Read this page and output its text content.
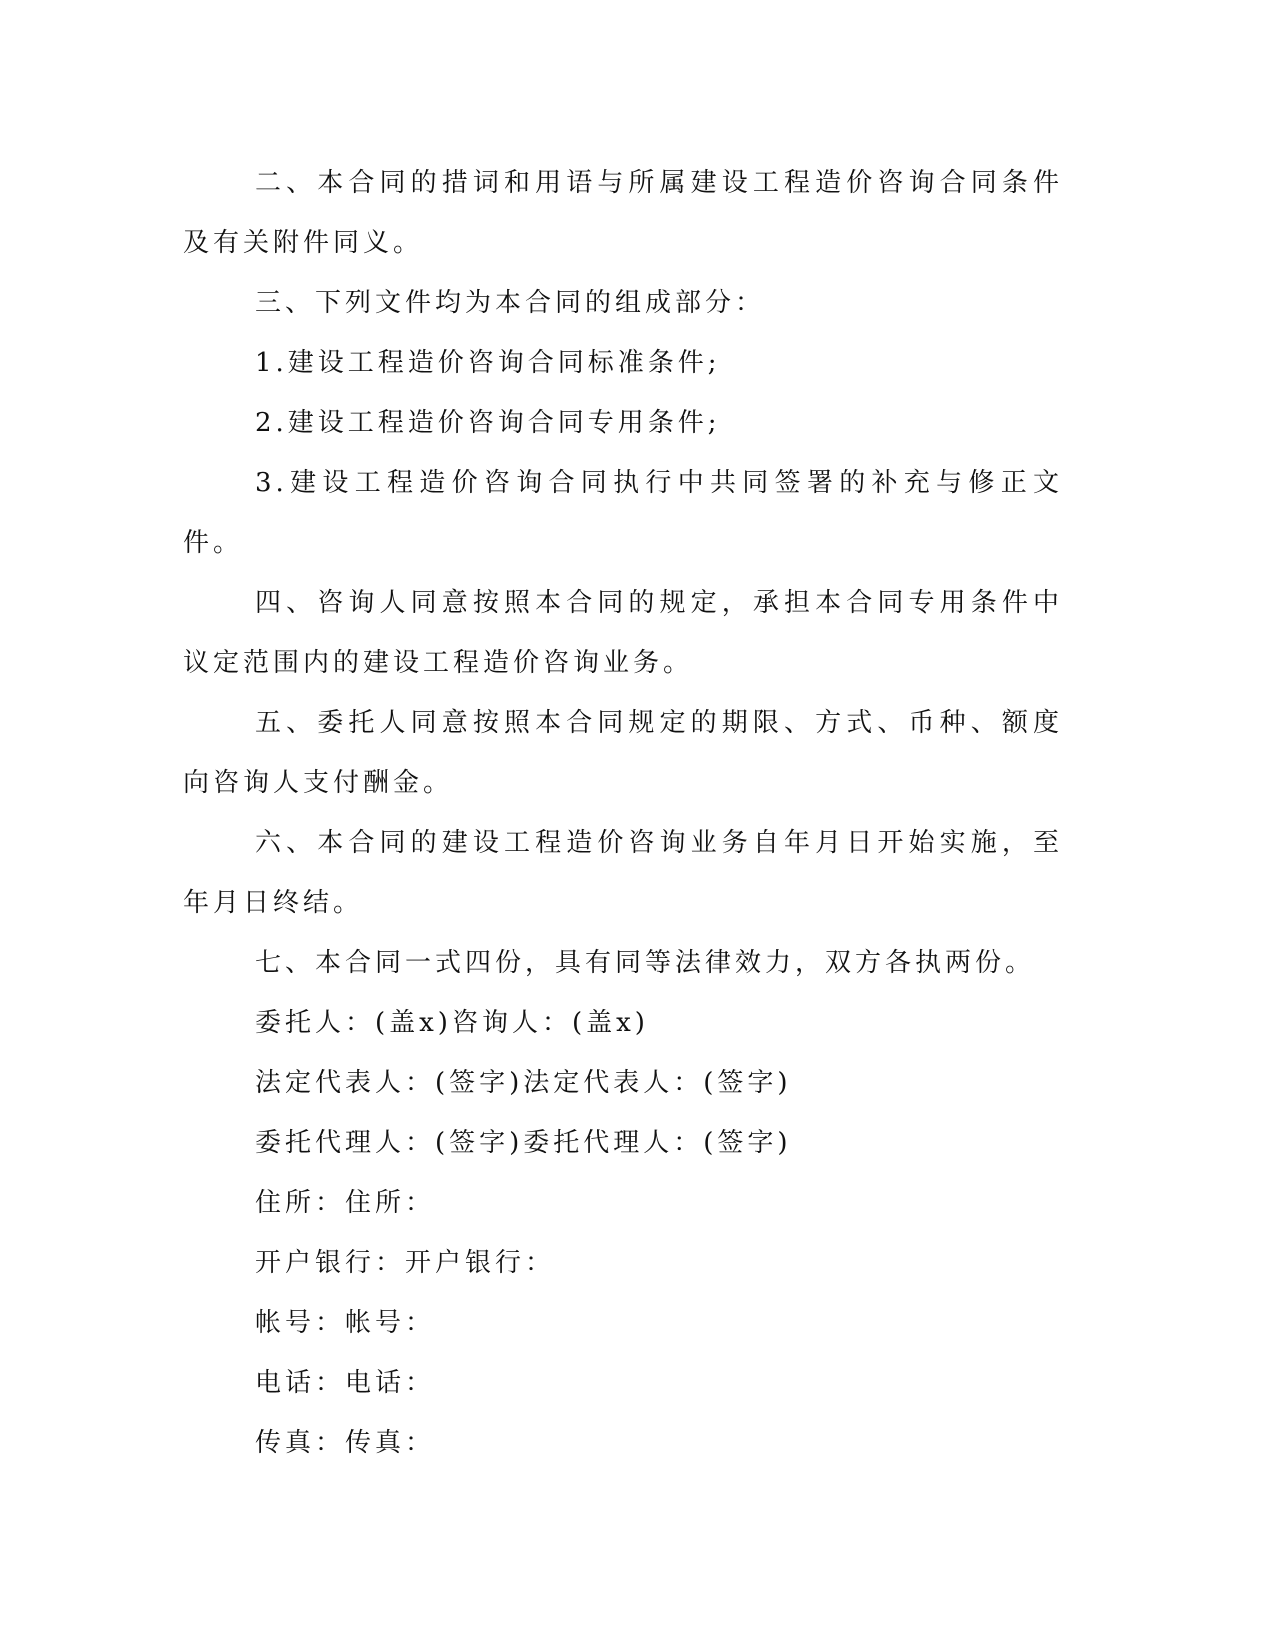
二、本合同的措词和用语与所属建设工程造价咨询合同条件及有关附件同义。

三、下列文件均为本合同的组成部分：

1.建设工程造价咨询合同标准条件;

2.建设工程造价咨询合同专用条件;

3.建设工程造价咨询合同执行中共同签署的补充与修正文件。

四、咨询人同意按照本合同的规定，承担本合同专用条件中议定范围内的建设工程造价咨询业务。

五、委托人同意按照本合同规定的期限、方式、币种、额度向咨询人支付酬金。

六、本合同的建设工程造价咨询业务自年月日开始实施，至年月日终结。

七、本合同一式四份，具有同等法律效力，双方各执两份。

委托人：(盖x)咨询人：(盖x)
法定代表人：(签字)法定代表人：(签字)
委托代理人：(签字)委托代理人：(签字)
住所：住所：
开户银行：开户银行：
帐号：帐号：
电话：电话：
传真：传真：
